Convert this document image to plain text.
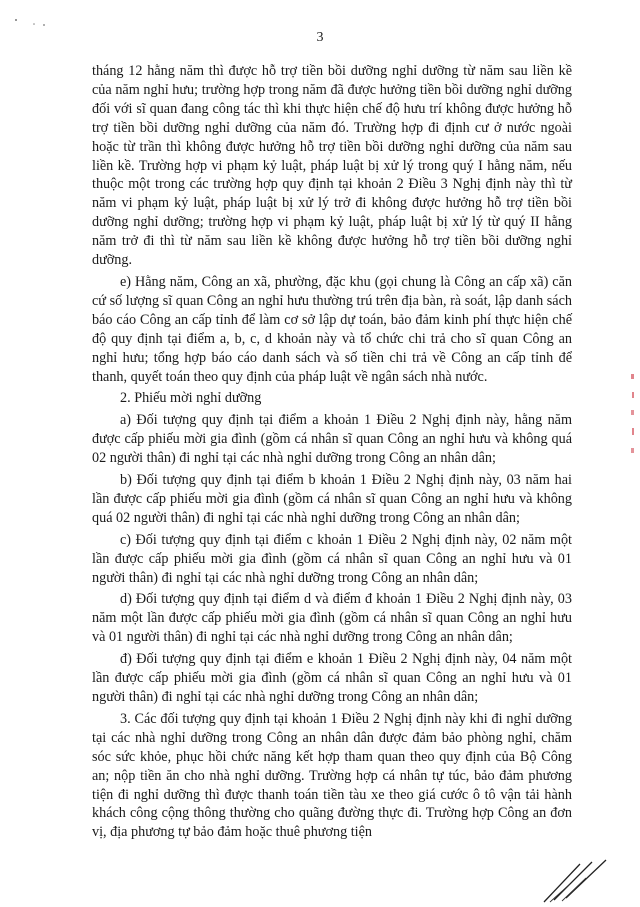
3

tháng 12 hằng năm thì được hỗ trợ tiền bồi dưỡng nghỉ dưỡng từ năm sau liền kề của năm nghỉ hưu; trường hợp trong năm đã được hưởng tiền bồi dưỡng nghỉ dưỡng đối với sĩ quan đang công tác thì khi thực hiện chế độ hưu trí không được hưởng hỗ trợ tiền bồi dưỡng nghỉ dưỡng của năm đó. Trường hợp đi định cư ở nước ngoài hoặc từ trần thì không được hưởng hỗ trợ tiền bồi dưỡng nghỉ dưỡng của năm sau liền kề. Trường hợp vi phạm kỷ luật, pháp luật bị xử lý trong quý I hằng năm, nếu thuộc một trong các trường hợp quy định tại khoản 2 Điều 3 Nghị định này thì từ năm vi phạm kỷ luật, pháp luật bị xử lý trở đi không được hưởng hỗ trợ tiền bồi dưỡng nghỉ dưỡng; trường hợp vi phạm kỷ luật, pháp luật bị xử lý từ quý II hằng năm trở đi thì từ năm sau liền kề không được hưởng hỗ trợ tiền bồi dưỡng nghỉ dưỡng.

e) Hằng năm, Công an xã, phường, đặc khu (gọi chung là Công an cấp xã) căn cứ số lượng sĩ quan Công an nghỉ hưu thường trú trên địa bàn, rà soát, lập danh sách báo cáo Công an cấp tỉnh để làm cơ sở lập dự toán, bảo đảm kinh phí thực hiện chế độ quy định tại điểm a, b, c, d khoản này và tổ chức chi trả cho sĩ quan Công an nghỉ hưu; tổng hợp báo cáo danh sách và số tiền chi trả về Công an cấp tỉnh để thanh, quyết toán theo quy định của pháp luật về ngân sách nhà nước.

2. Phiếu mời nghỉ dưỡng

a) Đối tượng quy định tại điểm a khoản 1 Điều 2 Nghị định này, hằng năm được cấp phiếu mời gia đình (gồm cá nhân sĩ quan Công an nghỉ hưu và không quá 02 người thân) đi nghỉ tại các nhà nghỉ dưỡng trong Công an nhân dân;

b) Đối tượng quy định tại điểm b khoản 1 Điều 2 Nghị định này, 03 năm hai lần được cấp phiếu mời gia đình (gồm cá nhân sĩ quan Công an nghỉ hưu và không quá 02 người thân) đi nghỉ tại các nhà nghỉ dưỡng trong Công an nhân dân;

c) Đối tượng quy định tại điểm c khoản 1 Điều 2 Nghị định này, 02 năm một lần được cấp phiếu mời gia đình (gồm cá nhân sĩ quan Công an nghỉ hưu và 01 người thân) đi nghỉ tại các nhà nghỉ dưỡng trong Công an nhân dân;

d) Đối tượng quy định tại điểm d và điểm đ khoản 1 Điều 2 Nghị định này, 03 năm một lần được cấp phiếu mời gia đình (gồm cá nhân sĩ quan Công an nghỉ hưu và 01 người thân) đi nghỉ tại các nhà nghỉ dưỡng trong Công an nhân dân;

đ) Đối tượng quy định tại điểm e khoản 1 Điều 2 Nghị định này, 04 năm một lần được cấp phiếu mời gia đình (gồm cá nhân sĩ quan Công an nghỉ hưu và 01 người thân) đi nghỉ tại các nhà nghỉ dưỡng trong Công an nhân dân;

3. Các đối tượng quy định tại khoản 1 Điều 2 Nghị định này khi đi nghỉ dưỡng tại các nhà nghỉ dưỡng trong Công an nhân dân được đảm bảo phòng nghỉ, chăm sóc sức khỏe, phục hồi chức năng kết hợp tham quan theo quy định của Bộ Công an; nộp tiền ăn cho nhà nghỉ dưỡng. Trường hợp cá nhân tự túc, bảo đảm phương tiện đi nghỉ dưỡng thì được thanh toán tiền tàu xe theo giá cước ô tô vận tải hành khách công cộng thông thường cho quãng đường thực đi. Trường hợp Công an đơn vị, địa phương tự bảo đảm hoặc thuê phương tiện
